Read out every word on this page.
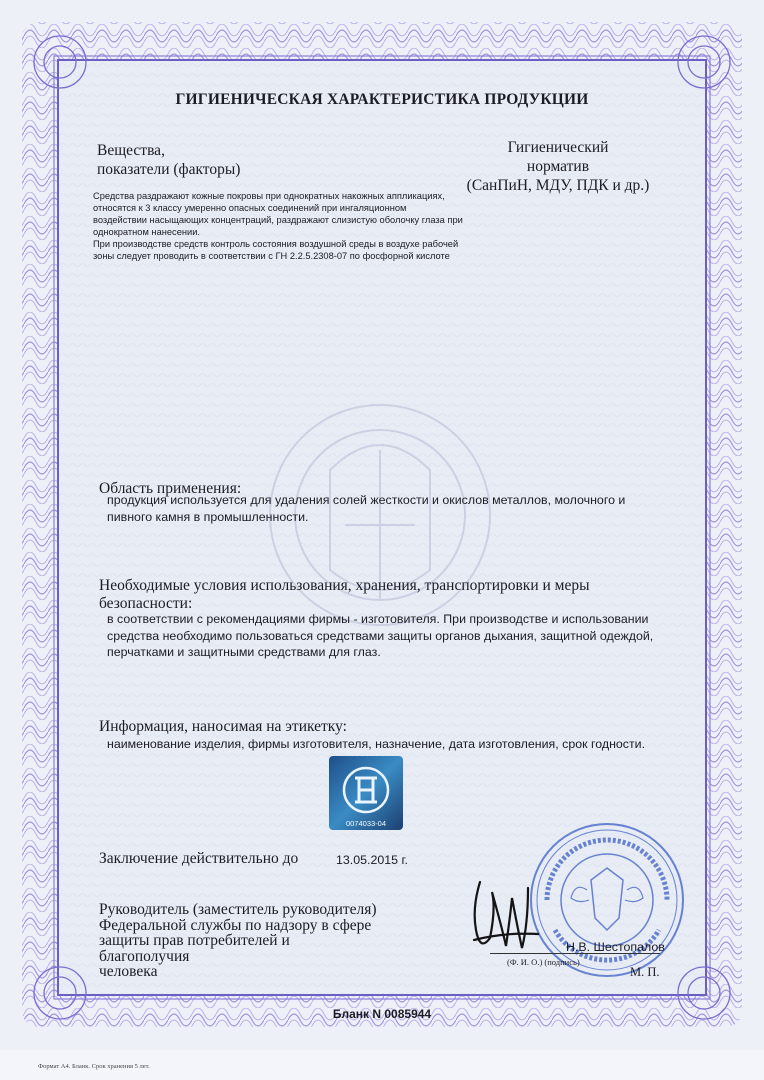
ГИГИЕНИЧЕСКАЯ ХАРАКТЕРИСТИКА ПРОДУКЦИИ
Вещества,
показатели (факторы)
Гигиенический
норматив
(СанПиН, МДУ, ПДК и др.)
Средства раздражают кожные покровы при однократных накожных аппликациях,
относятся к 3 классу умеренно опасных соединений при ингаляционном
воздействии насыщающих концентраций, раздражают слизистую оболочку глаза при
однократном нанесении.
При производстве средств контроль состояния воздушной среды в воздухе рабочей
зоны следует проводить в соответствии с ГН 2.2.5.2308-07 по фосфорной кислоте
Область применения:
продукция используется для удаления солей жесткости и окислов металлов, молочного и
пивного камня в промышленности.
Необходимые условия использования, хранения, транспортировки и меры безопасности:
в соответствии с рекомендациями фирмы - изготовителя. При производстве и использовании
средства необходимо пользоваться средствами защиты органов дыхания, защитной одеждой,
перчатками и защитными средствами для глаз.
Информация, наносимая на этикетку:
наименование изделия, фирмы изготовителя, назначение, дата изготовления, срок годности.
0074033-04
Заключение действительно до	13.05.2015 г.
Руководитель (заместитель руководителя)
Федеральной службы по надзору в сфере
защиты прав потребителей и благополучия
человека
Н.В. Шестопалов
(Ф. И. О.) (подпись)
М. П.
Бланк N 0085944
Формат А4. Бланк. Срок хранения 5 лет.
